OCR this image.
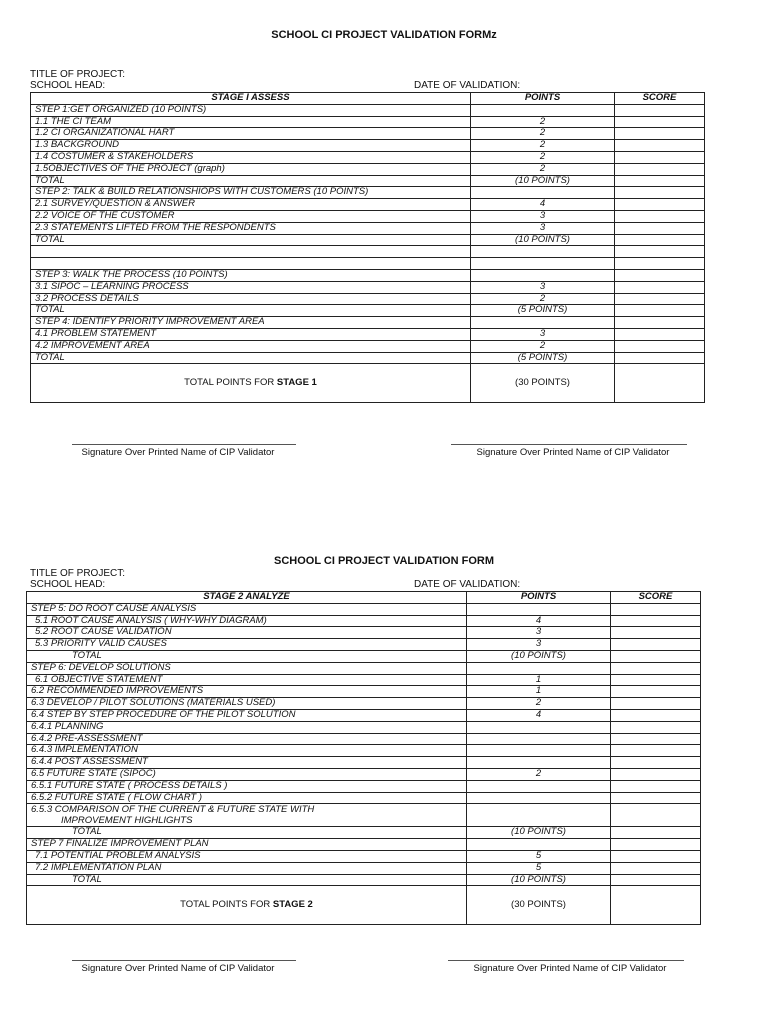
SCHOOL CI PROJECT VALIDATION FORMz
TITLE OF PROJECT:
SCHOOL HEAD:	DATE OF VALIDATION:
STAGE I ASSESS	POINTS	SCORE
STEP 1:GET ORGANIZED (10 POINTS)		
1.1 THE CI TEAM	2	
1.2 CI ORGANIZATIONAL HART	2	
1.3 BACKGROUND	2	
1.4 COSTUMER & STAKEHOLDERS	2	
1.5OBJECTIVES OF THE PROJECT (graph)	2	
TOTAL	(10 POINTS)	
STEP 2: TALK & BUILD RELATIONSHIOPS WITH CUSTOMERS (10 POINTS)		
2.1 SURVEY/QUESTION & ANSWER	4	
2.2 VOICE OF THE CUSTOMER	3	
2.3 STATEMENTS LIFTED FROM THE RESPONDENTS	3	
TOTAL	(10 POINTS)	

STEP 3: WALK THE PROCESS (10 POINTS)		
3.1 SIPOC – LEARNING PROCESS	3	
3.2 PROCESS DETAILS	2	
TOTAL	(5 POINTS)	
STEP 4: IDENTIFY PRIORITY IMPROVEMENT AREA		
4.1 PROBLEM STATEMENT	3	
4.2 IMPROVEMENT AREA	2	
TOTAL	(5 POINTS)	
TOTAL POINTS FOR STAGE 1	(30 POINTS)	
Signature Over Printed Name of CIP Validator	Signature Over Printed Name of CIP Validator
SCHOOL CI PROJECT VALIDATION FORM
TITLE OF PROJECT:
SCHOOL HEAD:	DATE OF VALIDATION:
STAGE 2 ANALYZE	POINTS	SCORE
STEP 5: DO ROOT CAUSE ANALYSIS		
5.1 ROOT CAUSE ANALYSIS ( WHY-WHY DIAGRAM)	4	
5.2 ROOT CAUSE VALIDATION	3	
5.3 PRIORITY VALID CAUSES	3	
TOTAL	(10 POINTS)	
STEP 6: DEVELOP SOLUTIONS		
6.1 OBJECTIVE STATEMENT	1	
6.2 RECOMMENDED IMPROVEMENTS	1	
6.3 DEVELOP / PILOT SOLUTIONS (MATERIALS USED)	2	
6.4 STEP BY STEP PROCEDURE OF THE PILOT SOLUTION	4	
6.4.1 PLANNING		
6.4.2 PRE-ASSESSMENT		
6.4.3 IMPLEMENTATION		
6.4.4 POST ASSESSMENT		
6.5 FUTURE STATE (SIPOC)	2	
6.5.1 FUTURE STATE ( PROCESS DETAILS )		
6.5.2 FUTURE STATE ( FLOW CHART )		

6.5.3 COMPARISON OF THE CURRENT & FUTURE STATE WITH
IMPROVEMENT HIGHLIGHTS		

TOTAL	(10 POINTS)	
STEP 7 FINALIZE IMPROVEMENT PLAN		
7.1 POTENTIAL PROBLEM ANALYSIS	5	
7.2 IMPLEMENTATION PLAN	5	
TOTAL	(10 POINTS)	
TOTAL POINTS FOR STAGE 2	(30 POINTS)	
Signature Over Printed Name of CIP Validator	Signature Over Printed Name of CIP Validator
